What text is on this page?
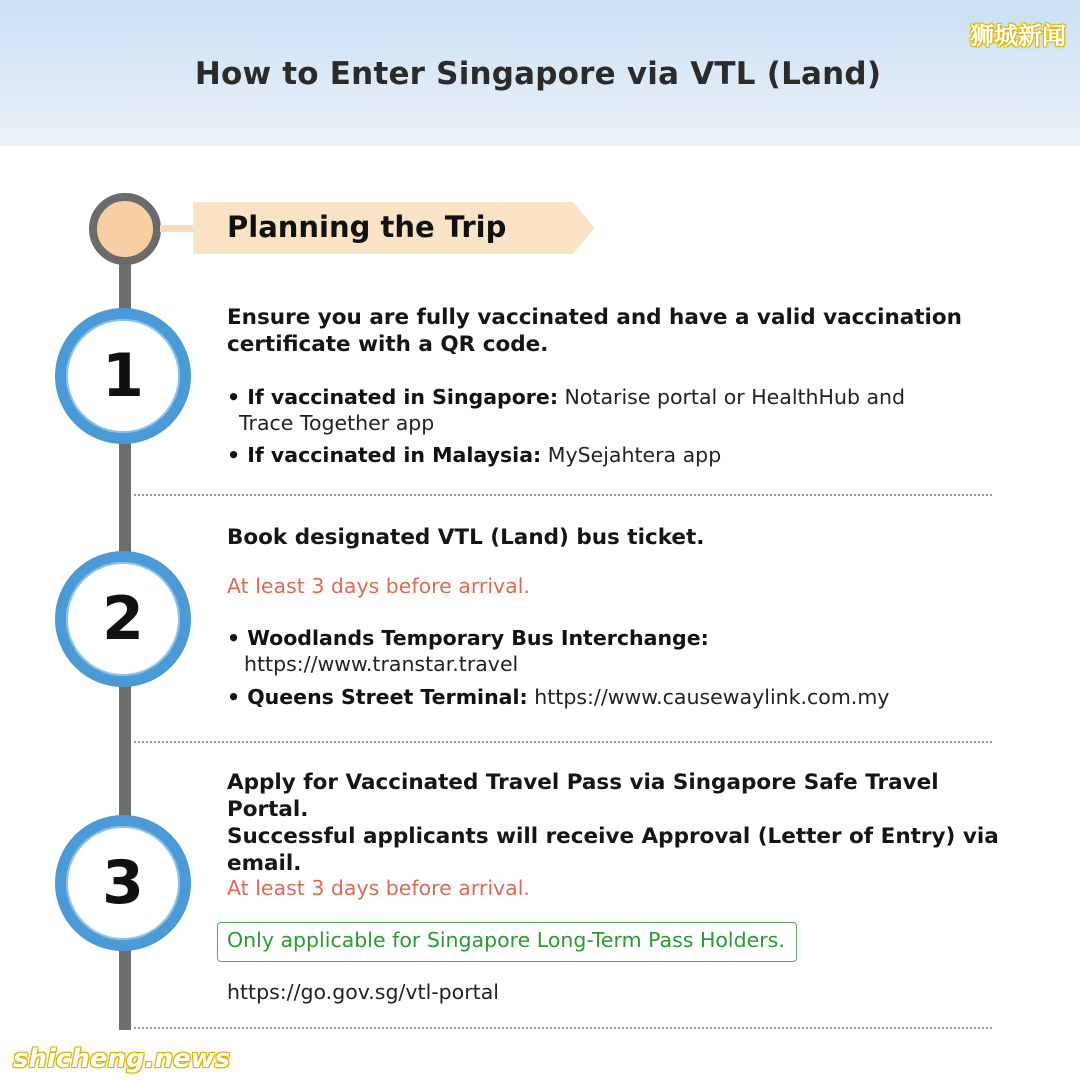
How to Enter Singapore via VTL (Land)
狮城新闻
Planning the Trip
1
Ensure you are fully vaccinated and have a valid vaccination
certificate with a QR code.
• If vaccinated in Singapore: Notarise portal or HealthHub and
Trace Together app
• If vaccinated in Malaysia: MySejahtera app
2
Book designated VTL (Land) bus ticket.
At least 3 days before arrival.
• Woodlands Temporary Bus Interchange:
https://www.transtar.travel
• Queens Street Terminal: https://www.causewaylink.com.my
3
Apply for Vaccinated Travel Pass via Singapore Safe Travel Portal.
Successful applicants will receive Approval (Letter of Entry) via
email.
At least 3 days before arrival.
Only applicable for Singapore Long-Term Pass Holders.
https://go.gov.sg/vtl-portal
shicheng.news
